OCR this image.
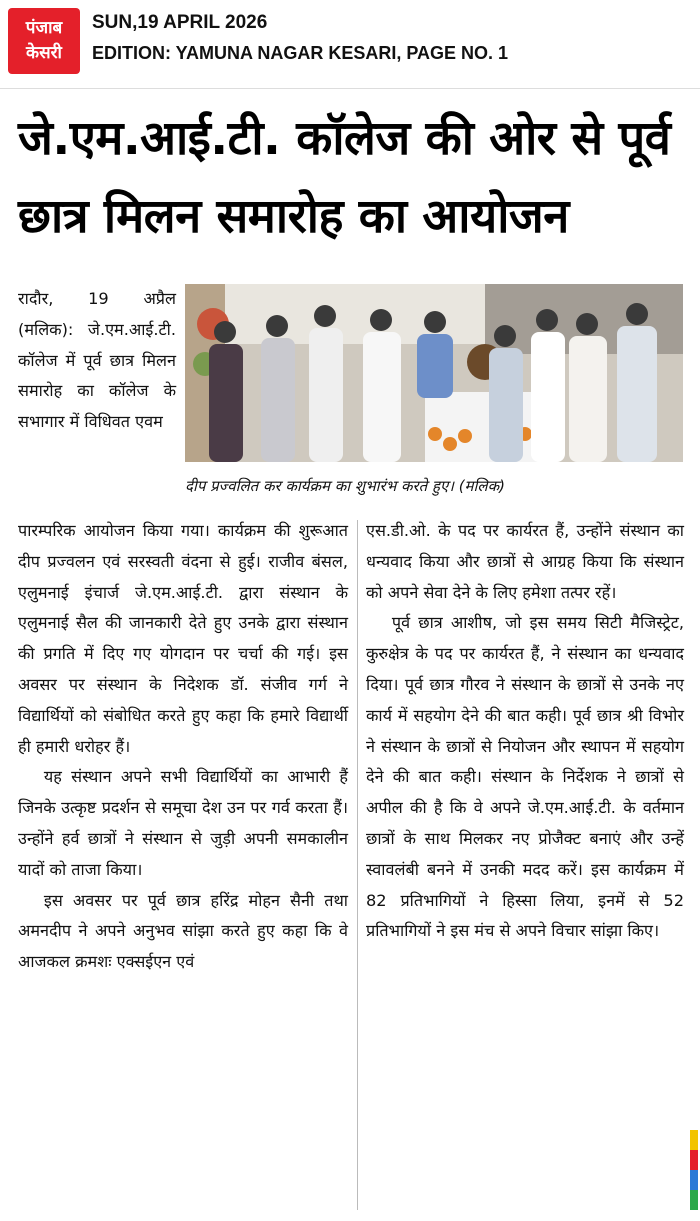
पंजाब
केसरी
SUN,19 APRIL 2026
EDITION: YAMUNA NAGAR KESARI, PAGE NO. 1
जे.एम.आई.टी. कॉलेज की ओर से पूर्व
छात्र मिलन समारोह का आयोजन

रादौर, 19 अप्रैल (मलिक): जे.एम.आई.टी. कॉलेज में पूर्व छात्र मिलन समारोह का कॉलेज के सभागार में विधिवत एवम

दीप प्रज्वलित कर कार्यक्रम का शुभारंभ करते हुए। (मलिक)

पारम्परिक आयोजन किया गया। कार्यक्रम की शुरूआत दीप प्रज्वलन एवं सरस्वती वंदना से हुई। राजीव बंसल, एलुमनाई इंचार्ज जे.एम.आई.टी. द्वारा संस्थान के एलुमनाई सैल की जानकारी देते हुए उनके द्वारा संस्थान की प्रगति में दिए गए योगदान पर चर्चा की गई। इस अवसर पर संस्थान के निदेशक डॉ. संजीव गर्ग ने विद्यार्थियों को संबोधित करते हुए कहा कि हमारे विद्यार्थी ही हमारी धरोहर हैं।

यह संस्थान अपने सभी विद्यार्थियों का आभारी हैं जिनके उत्कृष्ट प्रदर्शन से समूचा देश उन पर गर्व करता हैं। उन्होंने हर्व छात्रों ने संस्थान से जुड़ी अपनी समकालीन यादों को ताजा किया।

इस अवसर पर पूर्व छात्र हरिंद्र मोहन सैनी तथा अमनदीप ने अपने अनुभव सांझा करते हुए कहा कि वे आजकल क्रमशः एक्सईएन एवं

एस.डी.ओ. के पद पर कार्यरत हैं, उन्होंने संस्थान का धन्यवाद किया और छात्रों से आग्रह किया कि संस्थान को अपने सेवा देने के लिए हमेशा तत्पर रहें।

पूर्व छात्र आशीष, जो इस समय सिटी मैजिस्ट्रेट, कुरुक्षेत्र के पद पर कार्यरत हैं, ने संस्थान का धन्यवाद दिया। पूर्व छात्र गौरव ने संस्थान के छात्रों से उनके नए कार्य में सहयोग देने की बात कही। पूर्व छात्र श्री विभोर ने संस्थान के छात्रों से नियोजन और स्थापन में सहयोग देने की बात कही। संस्थान के निर्देशक ने छात्रों से अपील की है कि वे अपने जे.एम.आई.टी. के वर्तमान छात्रों के साथ मिलकर नए प्रोजैक्ट बनाएं और उन्हें स्वावलंबी बनने में उनकी मदद करें। इस कार्यक्रम में 82 प्रतिभागियों ने हिस्सा लिया, इनमें से 52 प्रतिभागियों ने इस मंच से अपने विचार सांझा किए।
